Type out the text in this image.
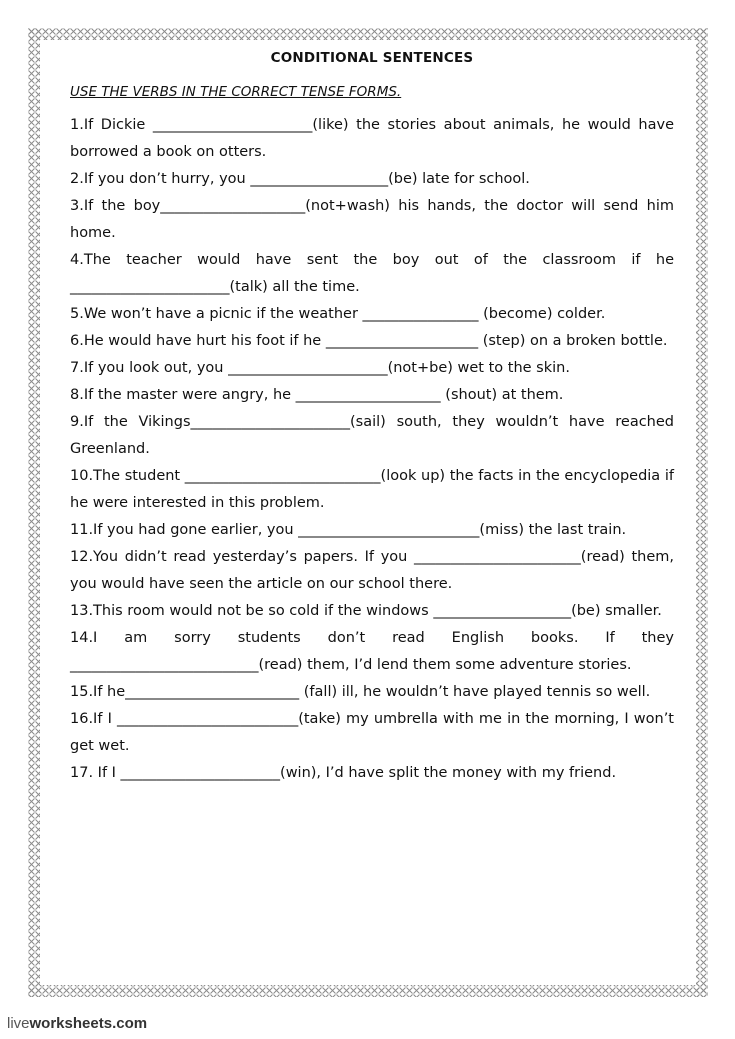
CONDITIONAL SENTENCES
USE THE VERBS IN THE CORRECT TENSE FORMS.

1.If Dickie ______________________(like) the stories about animals, he would have borrowed a book on otters.

2.If you don’t hurry, you ___________________(be) late for school.

3.If the boy____________________(not+wash) his hands, the doctor will send him home.

4.The teacher would have sent the boy out of the classroom if he ______________________(talk) all the time.

5.We won’t have a picnic if the weather ________________ (become) colder.

6.He would have hurt his foot if he _____________________ (step) on a broken bottle.

7.If you look out, you ______________________(not+be) wet to the skin.

8.If the master were angry, he ____________________ (shout) at them.

9.If the Vikings______________________(sail) south, they wouldn’t have reached Greenland.

10.The student ___________________________(look up) the facts in the encyclopedia if he were interested in this problem.

11.If you had gone earlier, you _________________________(miss) the last train.

12.You didn’t read yesterday’s papers. If you _______________________(read) them, you would have seen the article on our school there.

13.This room would not be so cold if the windows ___________________(be) smaller.

14.I am sorry students don’t read English books. If they __________________________(read) them, I’d lend them some adventure stories.

15.If he________________________ (fall) ill, he wouldn’t have played tennis so well.

16.If I _________________________(take) my umbrella with me in the morning, I won’t get wet.

17. If I ______________________(win), I’d have split the money with my friend.

liveworksheets.com
